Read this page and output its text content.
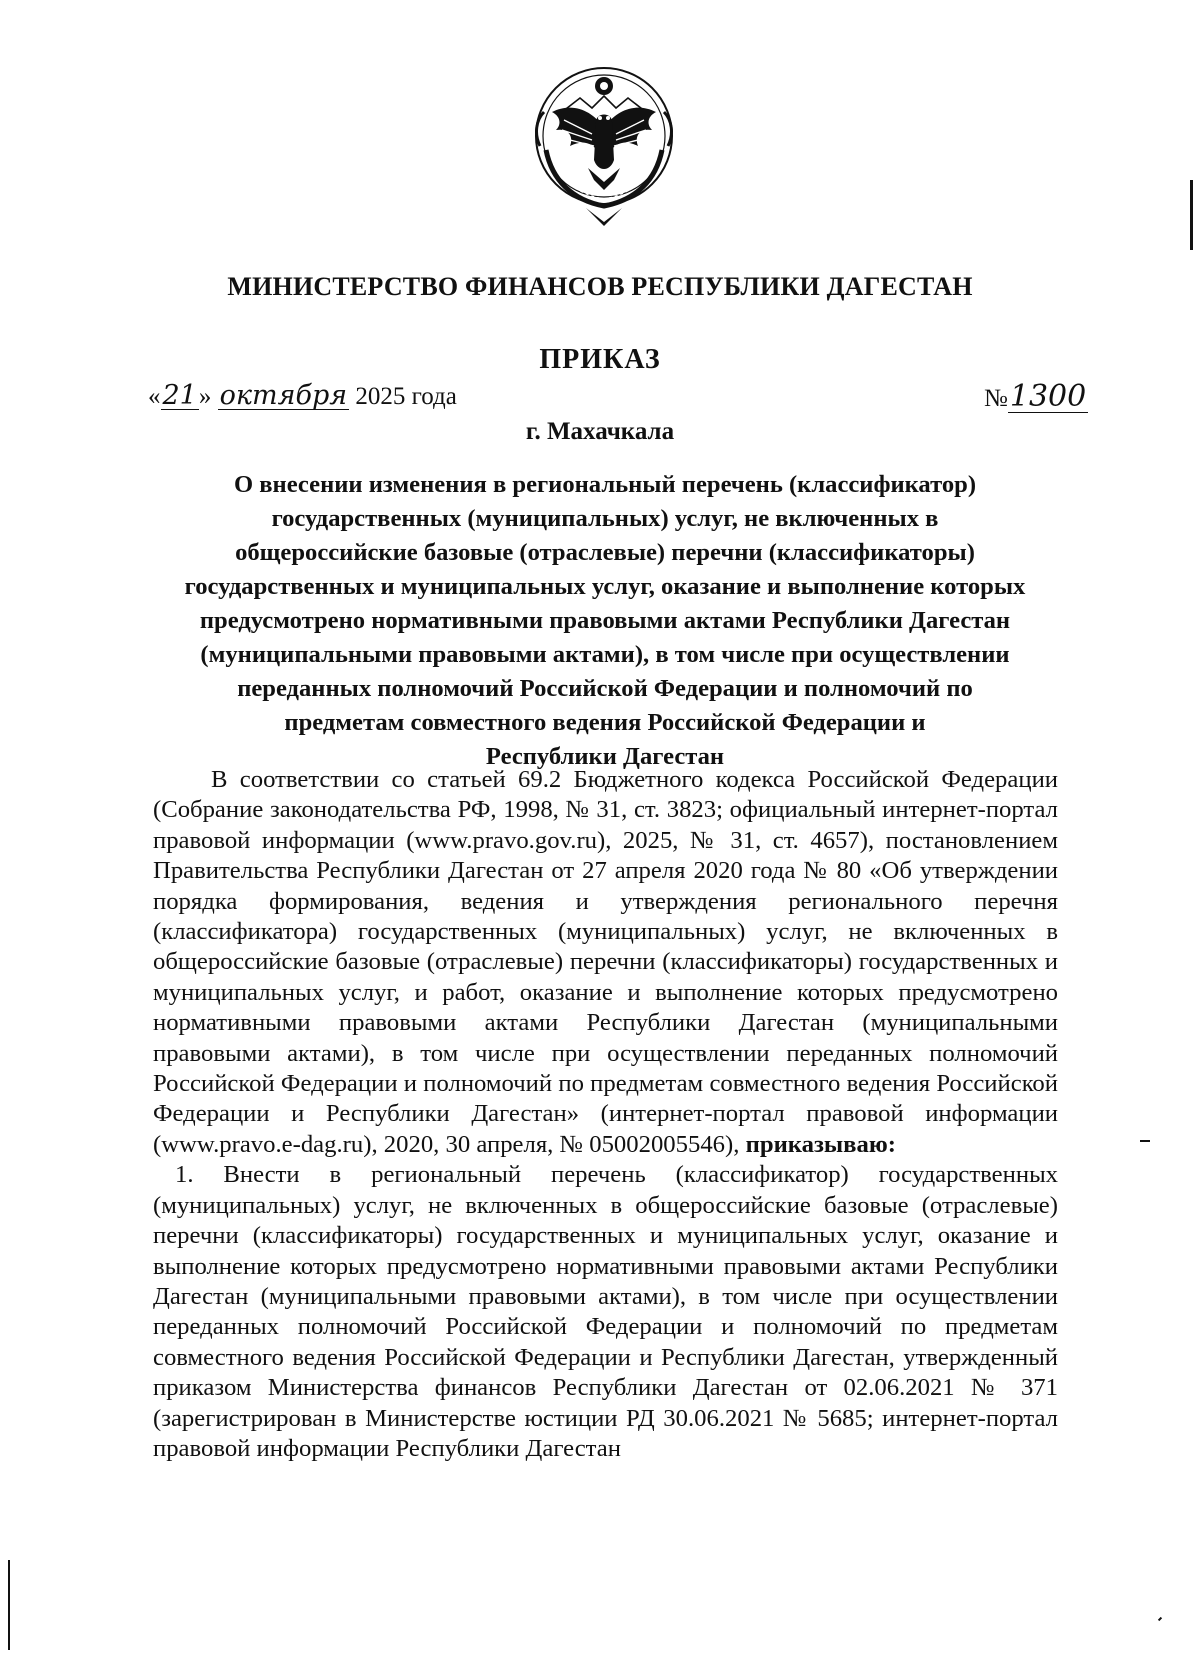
МИНИСТЕРСТВО ФИНАНСОВ РЕСПУБЛИКИ ДАГЕСТАН
ПРИКАЗ
«21» октября 2025 года	№1300
г. Махачкала
О внесении изменения в региональный перечень (классификатор)
государственных (муниципальных) услуг, не включенных в
общероссийские базовые (отраслевые) перечни (классификаторы)
государственных и муниципальных услуг, оказание и выполнение которых
предусмотрено нормативными правовыми актами Республики Дагестан
(муниципальными правовыми актами), в том числе при осуществлении
переданных полномочий Российской Федерации и полномочий по
предметам совместного ведения Российской Федерации и
Республики Дагестан

В соответствии со статьей 69.2 Бюджетного кодекса Российской Федерации (Собрание законодательства РФ, 1998, № 31, ст. 3823; официальный интернет-портал правовой информации (www.pravo.gov.ru), 2025, № 31, ст. 4657), постановлением Правительства Республики Дагестан от 27 апреля 2020 года № 80 «Об утверждении порядка формирования, ведения и утверждения регионального перечня (классификатора) государственных (муниципальных) услуг, не включенных в общероссийские базовые (отраслевые) перечни (классификаторы) государственных и муниципальных услуг, и работ, оказание и выполнение которых предусмотрено нормативными правовыми актами Республики Дагестан (муниципальными правовыми актами), в том числе при осуществлении переданных полномочий Российской Федерации и полномочий по предметам совместного ведения Российской Федерации и Республики Дагестан» (интернет-портал правовой информации (www.pravo.e-dag.ru), 2020, 30 апреля, № 05002005546), приказываю:

1. Внести в региональный перечень (классификатор) государственных (муниципальных) услуг, не включенных в общероссийские базовые (отраслевые) перечни (классификаторы) государственных и муниципальных услуг, оказание и выполнение которых предусмотрено нормативными правовыми актами Республики Дагестан (муниципальными правовыми актами), в том числе при осуществлении переданных полномочий Российской Федерации и полномочий по предметам совместного ведения Российской Федерации и Республики Дагестан, утвержденный приказом Министерства финансов Республики Дагестан от 02.06.2021 № 371 (зарегистрирован в Министерстве юстиции РД 30.06.2021 № 5685; интернет-портал правовой информации Республики Дагестан
